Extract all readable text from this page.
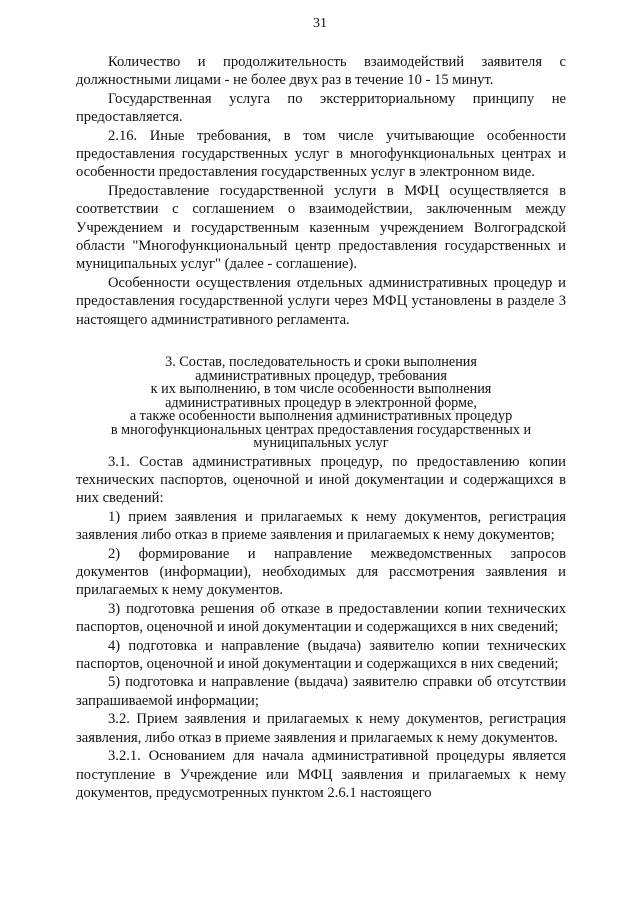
31

Количество и продолжительность взаимодействий заявителя с должностными лицами - не более двух раз в течение 10 - 15 минут.

Государственная услуга по экстерриториальному принципу не предоставляется.

2.16. Иные требования, в том числе учитывающие особенности предоставления государственных услуг в многофункциональных центрах и особенности предоставления государственных услуг в электронном виде.

Предоставление государственной услуги в МФЦ осуществляется в соответствии с соглашением о взаимодействии, заключенным между Учреждением и государственным казенным учреждением Волгоградской области "Многофункциональный центр предоставления государственных и муниципальных услуг" (далее - соглашение).

Особенности осуществления отдельных административных процедур и предоставления государственной услуги через МФЦ установлены в разделе 3 настоящего административного регламента.

3. Состав, последовательность и сроки выполнения

административных процедур, требования

к их выполнению, в том числе особенности выполнения

административных процедур в электронной форме,

а также особенности выполнения административных процедур

в многофункциональных центрах предоставления государственных и

муниципальных услуг

3.1. Состав административных процедур, по предоставлению копии технических паспортов, оценочной и иной документации и содержащихся в них сведений:

1) прием заявления и прилагаемых к нему документов, регистрация заявления либо отказ в приеме заявления и прилагаемых к нему документов;

2) формирование и направление межведомственных запросов документов (информации), необходимых для рассмотрения заявления и прилагаемых к нему документов.

3) подготовка решения об отказе в предоставлении копии технических паспортов, оценочной и иной документации и содержащихся в них сведений;

4) подготовка и направление (выдача) заявителю копии технических паспортов, оценочной и иной документации и содержащихся в них сведений;

5) подготовка и направление (выдача) заявителю справки об отсутствии запрашиваемой информации;

3.2. Прием заявления и прилагаемых к нему документов, регистрация заявления, либо отказ в приеме заявления и прилагаемых к нему документов.

3.2.1. Основанием для начала административной процедуры является поступление в Учреждение или МФЦ заявления и прилагаемых к нему документов, предусмотренных пунктом 2.6.1 настоящего
